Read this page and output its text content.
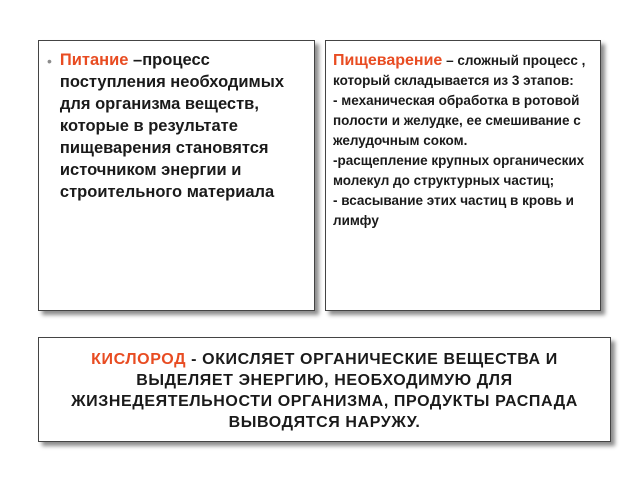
• Питание –процесс поступления необходимых для организма веществ, которые в результате пищеварения становятся источником энергии и строительного материала
Пищеварение – сложный процесс , который складывается из 3 этапов:
- механическая обработка в ротовой полости и желудке, ее смешивание с желудочным соком.
-расщепление крупных органических молекул до структурных частиц;
- всасывание этих частиц в кровь и лимфу
КИСЛОРОД - ОКИСЛЯЕТ ОРГАНИЧЕСКИЕ ВЕЩЕСТВА И ВЫДЕЛЯЕТ ЭНЕРГИЮ, НЕОБХОДИМУЮ ДЛЯ ЖИЗНЕДЕЯТЕЛЬНОСТИ ОРГАНИЗМА, ПРОДУКТЫ РАСПАДА ВЫВОДЯТСЯ НАРУЖУ.
